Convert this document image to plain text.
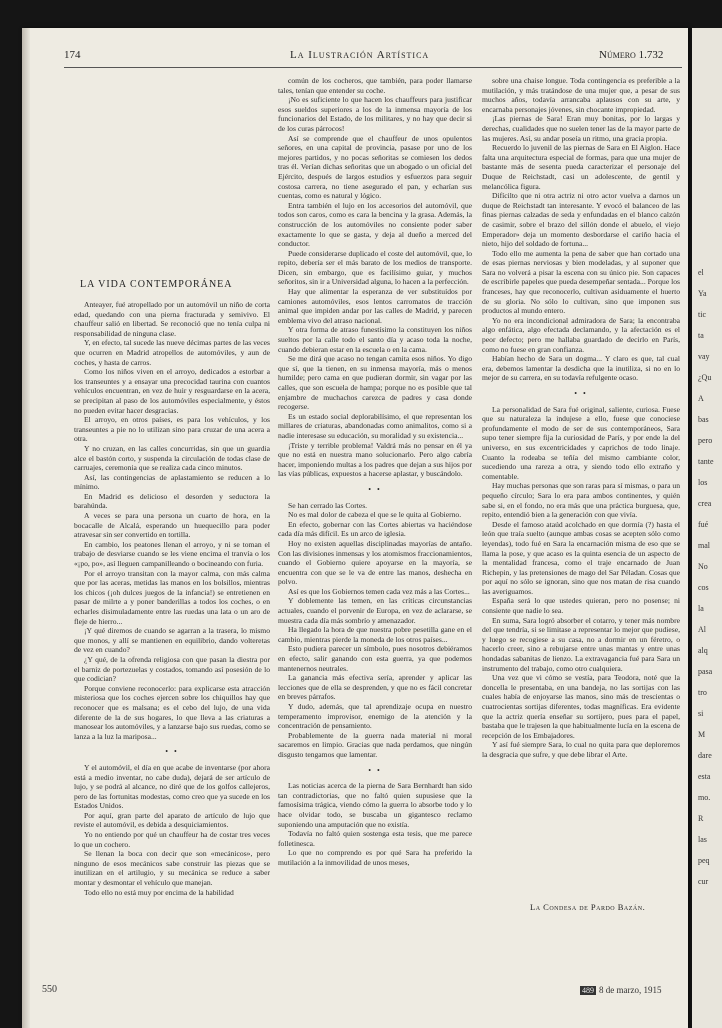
el
Ya
tic
ta
vay
¿Qu
A
bas
pero
tante
los
crea
fué
mal
No
cos
la
Al
alq
pasa
tro
si
M
dare
esta
mo.
R
las
peq
cur
174	La Ilustración Artística	Número 1.732
LA VIDA CONTEMPORÁNEA

Anteayer, fué atropellado por un automóvil un niño de corta edad, quedando con una pierna fracturada y semivivo. El chauffeur salió en libertad. Se reconoció que no tenía culpa ni responsabilidad de ninguna clase.

Y, en efecto, tal sucede las nueve décimas partes de las veces que ocurren en Madrid atropellos de automóviles, y aun de coches, y hasta de carros.

Como los niños viven en el arroyo, dedicados a estorbar a los transeuntes y a ensayar una precocidad taurina con cuantos vehículos encuentran, en vez de huir y resguardarse en la acera, se precipitan al paso de los automóviles especialmente, y éstos no pueden evitar hacer desgracias.

El arroyo, en otros países, es para los vehículos, y los transeuntes a pie no lo utilizan sino para cruzar de una acera a otra.

Y no cruzan, en las calles concurridas, sin que un guardia alce el bastón corto, y suspenda la circulación de todas clase de carruajes, ceremonia que se realiza cada cinco minutos.

Así, las contingencias de aplastamiento se reducen a lo mínimo.

En Madrid es delicioso el desorden y seductora la barahúnda.

A veces se para una persona un cuarto de hora, en la bocacalle de Alcalá, esperando un huequecillo para poder atravesar sin ser convertido en tortilla.

En cambio, los peatones llenan el arroyo, y ni se toman el trabajo de desviarse cuando se les viene encima el tranvía o los «¡po, po», así lleguen campanilleando o bocineando con furia.

Por el arroyo transitan con la mayor calma, con más calma que por las aceras, metidas las manos en los bolsillos, mientras los chicos (¡oh dulces juegos de la infancia!) se entretienen en pasar de milrte a y poner banderillas a todos los coches, o en echarles disimuladamente entre las ruedas una lata o un aro de fleje de hierro...

¡Y qué diremos de cuando se agarran a la trasera, lo mismo que monos, y allí se mantienen en equilibrio, dando volteretas de vez en cuando?

¿Y qué, de la ofrenda religiosa con que pasan la diestra por el barniz de portezuelas y costados, tomando así posesión de lo que codician?

Porque conviene reconocerlo: para explicarse esta atracción misteriosa que los coches ejercen sobre los chiquillos hay que reconocer que es malsana; es el cebo del lujo, de una vida diferente de la de sus hogares, lo que lleva a las criaturas a manosear los automóviles, y a lanzarse bajo sus ruedas, como se lanza a la luz la mariposa...

• •

Y el automóvil, el día en que acabe de inventarse (por ahora está a medio inventar, no cabe duda), dejará de ser artículo de lujo, y se podrá al alcance, no diré que de los golfos callejeros, pero de las fortunitas modestas, como creo que ya sucede en los Estados Unidos.

Por aquí, gran parte del aparato de artículo de lujo que reviste el automóvil, es debida a desquiciamientos.

Yo no entiendo por qué un chauffeur ha de costar tres veces lo que un cochero.

Se llenan la boca con decir que son «mecánicos», pero ninguno de esos mecánicos sabe construir las piezas que se inutilizan en el artilugio, y su mecánica se reduce a saber montar y desmontar el vehículo que manejan.

Todo ello no está muy por encima de la habilidad

común de los cocheros, que también, para poder llamarse tales, tenían que entender su coche.

¡No es suficiente lo que hacen los chauffeurs para justificar esos sueldos superiores a los de la inmensa mayoría de los funcionarios del Estado, de los militares, y no hay que decir si de los curas párrocos!

Así se comprende que el chauffeur de unos opulentos señores, en una capital de provincia, pasase por uno de los mejores partidos, y no pocas señoritas se comiesen los dedos tras él. Verían dichas señoritas que un abogado o un oficial del Ejército, después de largos estudios y esfuerzos para seguir costosa carrera, no tiene asegurado el pan, y echarían sus cuentas, como es natural y lógico.

Entra también el lujo en los accesorios del automóvil, que todos son caros, como es cara la bencina y la grasa. Además, la construcción de los automóviles no consiente poder saber exactamente lo que se gasta, y deja al dueño a merced del conductor.

Puede considerarse duplicado el coste del automóvil, que, lo repito, debería ser el más barato de los medios de transporte. Dicen, sin embargo, que es facilísimo guiar, y muchos señoritos, sin ir a Universidad alguna, lo hacen a la perfección.

Hay que alimentar la esperanza de ver substituídos por camiones automóviles, esos lentos carromatos de tracción animal que impiden andar por las calles de Madrid, y parecen emblema vivo del atraso nacional.

Y otra forma de atraso funestísimo la constituyen los niños sueltos por la calle todo el santo día y acaso toda la noche, cuando debieran estar en la escuela o en la cama.

Se me dirá que acaso no tengan camita esos niños. Yo digo que sí, que la tienen, en su inmensa mayoría, más o menos humilde; pero cama en que pudieran dormir, sin vagar por las calles, que son escuela de hampa; porque no es posible que tal enjambre de muchachos carezca de padres y casa donde recogerse.

Es un estado social deplorabilísimo, el que representan los millares de criaturas, abandonadas como animalitos, como si a nadie interesase su educación, su moralidad y su existencia...

¡Triste y terrible problema! Valdrá más no pensar en él ya que no está en nuestra mano solucionarlo. Pero algo cabría hacer, imponiendo multas a los padres que dejan a sus hijos por las vías públicas, expuestos a hacerse aplastar, y buscándolo.

• •

Se han cerrado las Cortes.

No es mal dolor de cabeza el que se le quita al Gobierno.

En efecto, gobernar con las Cortes abiertas va haciéndose cada día más difícil. Es un arco de iglesia.

Hoy no existen aquellas disciplinadas mayorías de antaño. Con las divisiones inmensas y los atomismos fraccionamientos, cuando el Gobierno quiere apoyarse en la mayoría, se encuentra con que se le va de entre las manos, deshecha en polvo.

Así es que los Gobiernos temen cada vez más a las Cortes...

Y doblemente las temen, en las críticas circunstancias actuales, cuando el porvenir de Europa, en vez de aclararse, se muestra cada día más sombrío y amenazador.

Ha llegado la hora de que nuestra pobre pesetilla gane en el cambio, mientras pierde la moneda de los otros países...

Esto pudiera parecer un símbolo, pues nosotros debiéramos en efecto, salir ganando con esta guerra, ya que podemos mantenernos neutrales.

La ganancia más efectiva sería, aprender y aplicar las lecciones que de ella se desprenden, y que no es fácil concretar en breves párrafos.

Y dudo, además, que tal aprendizaje ocupa en nuestro temperamento improvisor, enemigo de la atención y la concentración de pensamiento.

Probablemente de la guerra nada material ni moral sacaremos en limpio. Gracias que nada perdamos, que ningún disgusto tengamos que lamentar.

• •

Las noticias acerca de la pierna de Sara Bernhardt han sido tan contradictorias, que no faltó quien supusiese que la famosísima trágica, viendo cómo la guerra lo absorbe todo y lo hace olvidar todo, se buscaba un gigantesco reclamo suponiendo una amputación que no existía.

Todavía no faltó quien sostenga esta tesis, que me parece folletinesca.

Lo que no comprendo es por qué Sara ha preferido la mutilación a la inmovilidad de unos meses,

sobre una chaise longue. Toda contingencia es preferible a la mutilación, y más tratándose de una mujer que, a pesar de sus muchos años, todavía arrancaba aplausos con su arte, y encarnaba personajes jóvenes, sin chocante impropiedad.

¡Las piernas de Sara! Eran muy bonitas, por lo largas y derechas, cualidades que no suelen tener las de la mayor parte de las mujeres. Así, su andar poseía un ritmo, una gracia propia.

Recuerdo lo juvenil de las piernas de Sara en El Aiglon. Hace falta una arquitectura especial de formas, para que una mujer de bastante más de sesenta pueda caracterizar el personaje del Duque de Reichstadt, casi un adolescente, de gentil y melancólica figura.

Difícilto que ni otra actriz ni otro actor vuelva a darnos un duque de Reichstadt tan interesante. Y evocó el balanceo de las finas piernas calzadas de seda y enfundadas en el blanco calzón de casimir, sobre el brazo del sillón donde el abuelo, el viejo Emperador» deja un momento desbordarse el cariño hacia el nieto, hijo del soldado de fortuna...

Todo ello me aumenta la pena de saber que han cortado una de esas piernas nerviosas y bien modeladas, y al suponer que Sara no volverá a pisar la escena con su único pie. Son capaces de escribirle papeles que pueda desempeñar sentada... Porque los franceses, hay que reconocerlo, cultivan asiduamente el huerto de su gloria. No sólo lo cultivan, sino que imponen sus productos al mundo entero.

Yo no era incondicional admiradora de Sara; la encontraba algo enfática, algo efectada declamando, y la afectación es el peor defecto; pero me hallaba guardado de decirlo en París, como no fuese en gran confianza.

Habían hecho de Sara un dogma... Y claro es que, tal cual era, debemos lamentar la desdicha que la inutiliza, si no en lo mejor de su carrera, en su todavía refulgente ocaso.

• •

La personalidad de Sara fué original, saliente, curiosa. Fuese que su naturaleza la indujese a ello, fuese que conociese profundamente el modo de ser de sus contemporáneos, Sara supo tener siempre fija la curiosidad de París, y por ende la del universo, en sus excentricidades y caprichos de todo linaje. Cuanto la rodeaba se teñía del mismo cambiante color, sucediendo una rareza a otra, y siendo todo ello extraño y comentable.

Hay muchas personas que son raras para sí mismas, o para un pequeño círculo; Sara lo era para ambos continentes, y quién sabe si, en el fondo, no era más que una práctica burguesa, que, repito, entendió bien a la generación con que vivía.

Desde el famoso ataúd acolchado en que dormía (?) hasta el león que traía suelto (aunque ambas cosas se acepten sólo como leyendas), todo fué en Sara la encarnación misma de eso que se llama la pose, y que acaso es la quinta esencia de un aspecto de la mentalidad francesa, como el traje encarnado de Juan Richepin, y las pretensiones de mago del Sar Péladan. Cosas que por aquí no sólo se ignoran, sino que nos matan de risa cuando las averiguamos.

España será lo que ustedes quieran, pero no posense; ni consiente que nadie lo sea.

En suma, Sara logró absorber el cotarro, y tener más nombre del que tendría, si se limitase a representar lo mejor que pudiese, y luego se recogiese a su casa, no a dormir en un féretro, o hacerlo creer, sino a rebujarse entre unas mantas y entre unas hondadas sabanitas de lienzo. La extravagancia fué para Sara un instrumento del trabajo, como otro cualquiera.

Una vez que vi cómo se vestía, para Teodora, noté que la doncella le presentaba, en una bandeja, no las sortijas con las cuales había de enjoyarse las manos, sino más de trescientas o cuatrocientas sortijas diferentes, todas magníficas. Era evidente que la actriz quería enseñar su sortijero, pues para el papel, bastaba que le trajesen la que habitualmente lucía en la escena de recepción de los Embajadores.

Y así fué siempre Sara, lo cual no quita para que deploremos la desgracia que sufre, y que debe librar el Arte.

La Condesa de Pardo Bazán.
550	489 8 de marzo, 1915
